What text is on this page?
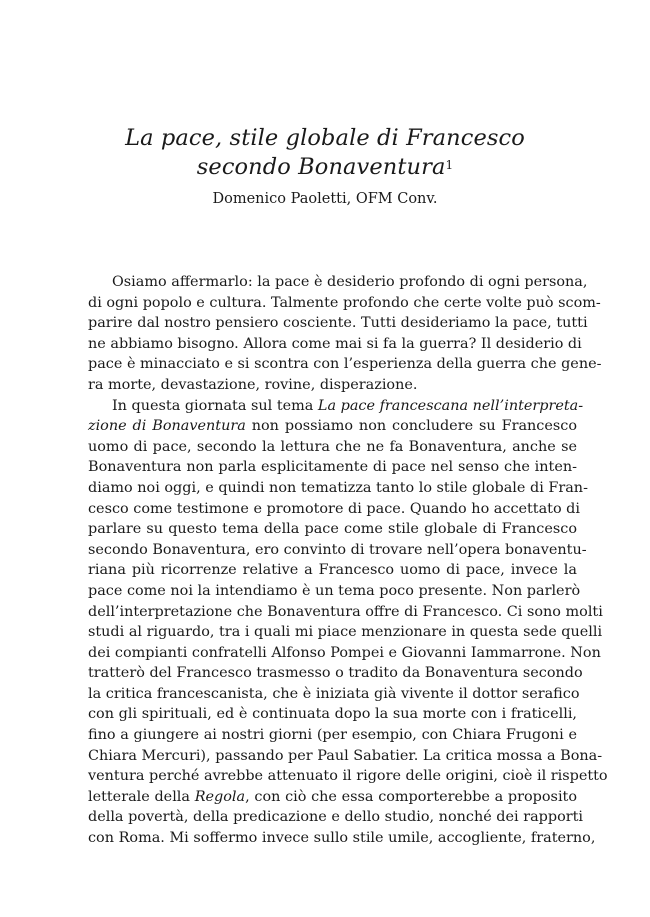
La pace, stile globale di Francesco
secondo Bonaventura$^1$
Domenico Paoletti, OFM Conv.

Osiamo affermarlo: la pace è desiderio profondo di ogni persona,
di ogni popolo e cultura. Talmente profondo che certe volte può scom-
parire dal nostro pensiero cosciente. Tutti desideriamo la pace, tutti
ne abbiamo bisogno. Allora come mai si fa la guerra? Il desiderio di
pace è minacciato e si scontra con l’esperienza della guerra che gene-
ra morte, devastazione, rovine, disperazione.

In questa giornata sul tema La pace francescana nell’interpreta-
zione di Bonaventura non possiamo non concludere su Francesco
uomo di pace, secondo la lettura che ne fa Bonaventura, anche se
Bonaventura non parla esplicitamente di pace nel senso che inten-
diamo noi oggi, e quindi non tematizza tanto lo stile globale di Fran-
cesco come testimone e promotore di pace. Quando ho accettato di
parlare su questo tema della pace come stile globale di Francesco
secondo Bonaventura, ero convinto di trovare nell’opera bonaventu-
riana più ricorrenze relative a Francesco uomo di pace, invece la
pace come noi la intendiamo è un tema poco presente. Non parlerò
dell’interpretazione che Bonaventura offre di Francesco. Ci sono molti
studi al riguardo, tra i quali mi piace menzionare in questa sede quelli
dei compianti confratelli Alfonso Pompei e Giovanni Iammarrone. Non
tratterò del Francesco trasmesso o tradito da Bonaventura secondo
la critica francescanista, che è iniziata già vivente il dottor serafico
con gli spirituali, ed è continuata dopo la sua morte con i fraticelli,
fino a giungere ai nostri giorni (per esempio, con Chiara Frugoni e
Chiara Mercuri), passando per Paul Sabatier. La critica mossa a Bona-
ventura perché avrebbe attenuato il rigore delle origini, cioè il rispetto
letterale della Regola, con ciò che essa comporterebbe a proposito
della povertà, della predicazione e dello studio, nonché dei rapporti
con Roma. Mi soffermo invece sullo stile umile, accogliente, fraterno,
